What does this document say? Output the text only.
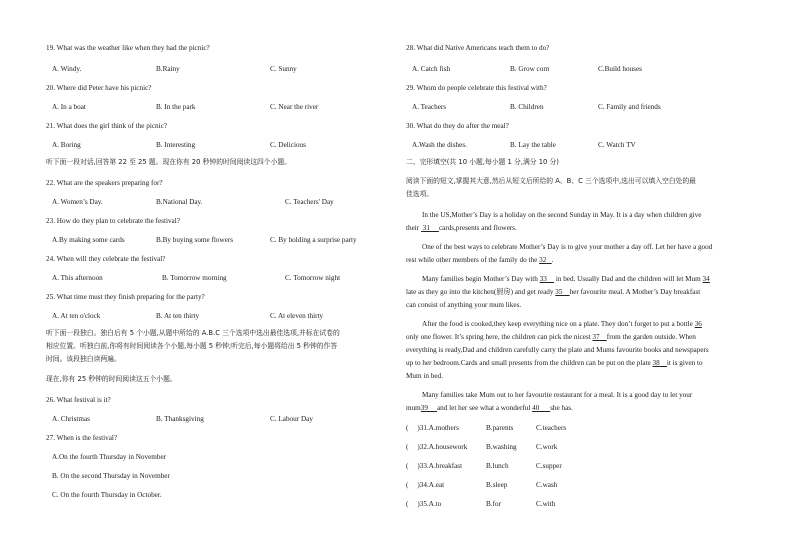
19. What was the weather like when they had the picnic?
A. Windy.	B.Rainy	C. Sunny
20. Where did Peter have his picnic?
A. In a boat	B. In the park	C. Near the river
21. What does the girl think of the picnic?
A. Boring	B. Interesting	C. Delicious
听下面一段对话,回答第 22 至 25 题。现在你有 20 秒钟的时间阅读这四个小题。
22. What are the speakers preparing for?
A. Women’s Day.	B.National Day.	C. Teachers' Day
23. How do they plan to celebrate the festival?
A.By making some cards	B.By buying some flowers	C. By holding a surprise party
24. When will they celebrate the festival?
A. This afternoon	B. Tomorrow morning	C. Tomorrow night
25. What time must they finish preparing for the party?
A. At ten o'clock	B. At ten thirty	C. At eleven thirty
听下面一段独白。独白后有 5 个小题,从题中所给的 A.B.C 三个选项中选出最佳选项,并标在试卷的
相应位置。听独白前,你将有时间阅读各个小题,每小题 5 秒钟;听完后,每小题将给出 5 秒钟的作答
时间。该段独白读两遍。
现在,你有 25 秒钟的时间阅读这五个小题。
26. What festival is it?
A. Christmas	B. Thanksgiving	C. Labour Day
27. When is the festival?
A.On the fourth Thursday in November
B. On the second Thursday in November
C. On the fourth Thursday in October.
28. What did Native Americans teach them to do?
A. Catch fish	B. Grow corn	C.Build houses
29. Whom do people celebrate this festival with?
A. Teachers	B. Children	C. Family and friends
30. What do they do after the meal?
A.Wash the dishes.	B. Lay the table	C. Watch TV
二、完形填空(共 10 小题,每小题 1 分,满分 10 分)
阅读下面的短文,掌握其大意,然后从短文后所给的 A、B、C 三个选项中,选出可以填入空白处的最
佳选项。
In the US,Mother’s Day is a holiday on the second Sunday in May. It is a day when children give
their  31 cards,presents and flowers.
One of the best ways to celebrate Mother’s Day is to give your mother a day off. Let her have a good
rest while other members of the family do the 32 .
Many families begin Mother’s Day with 33     in bed. Usually Dad and the children will let Mum 34
late as they go into the kitchen(厨房) and get ready 35 her favourite meal. A Mother’s Day breakfast
can consist of anything your mum likes.
After the food is cooked,they keep everything nice on a plate. They don’t forget to put a bottle 36
only one flower. It’s spring here, the children can pick the nicest 37 from the garden outside. When
everything is ready,Dad and children carefully carry the plate and Mums favourite books and newspapers
up to her bedroom.Cards and small presents from the children can be put on the plate 38 it is given to
Mum in bed.
Many families take Mum out to her favourite restaurant for a meal. It is a good day to let your
mum39 and let her see what a wonderful 40 she has.
(　 )31.A.mothers	B.parents	C.teachers
(　 )32.A.housework	B.washing	C.work
(　 )33.A.breakfast	B.lunch	C.supper
(　 )34.A.eat	B.sleep	C.wash
(　 )35.A.to	B.for	C.with
